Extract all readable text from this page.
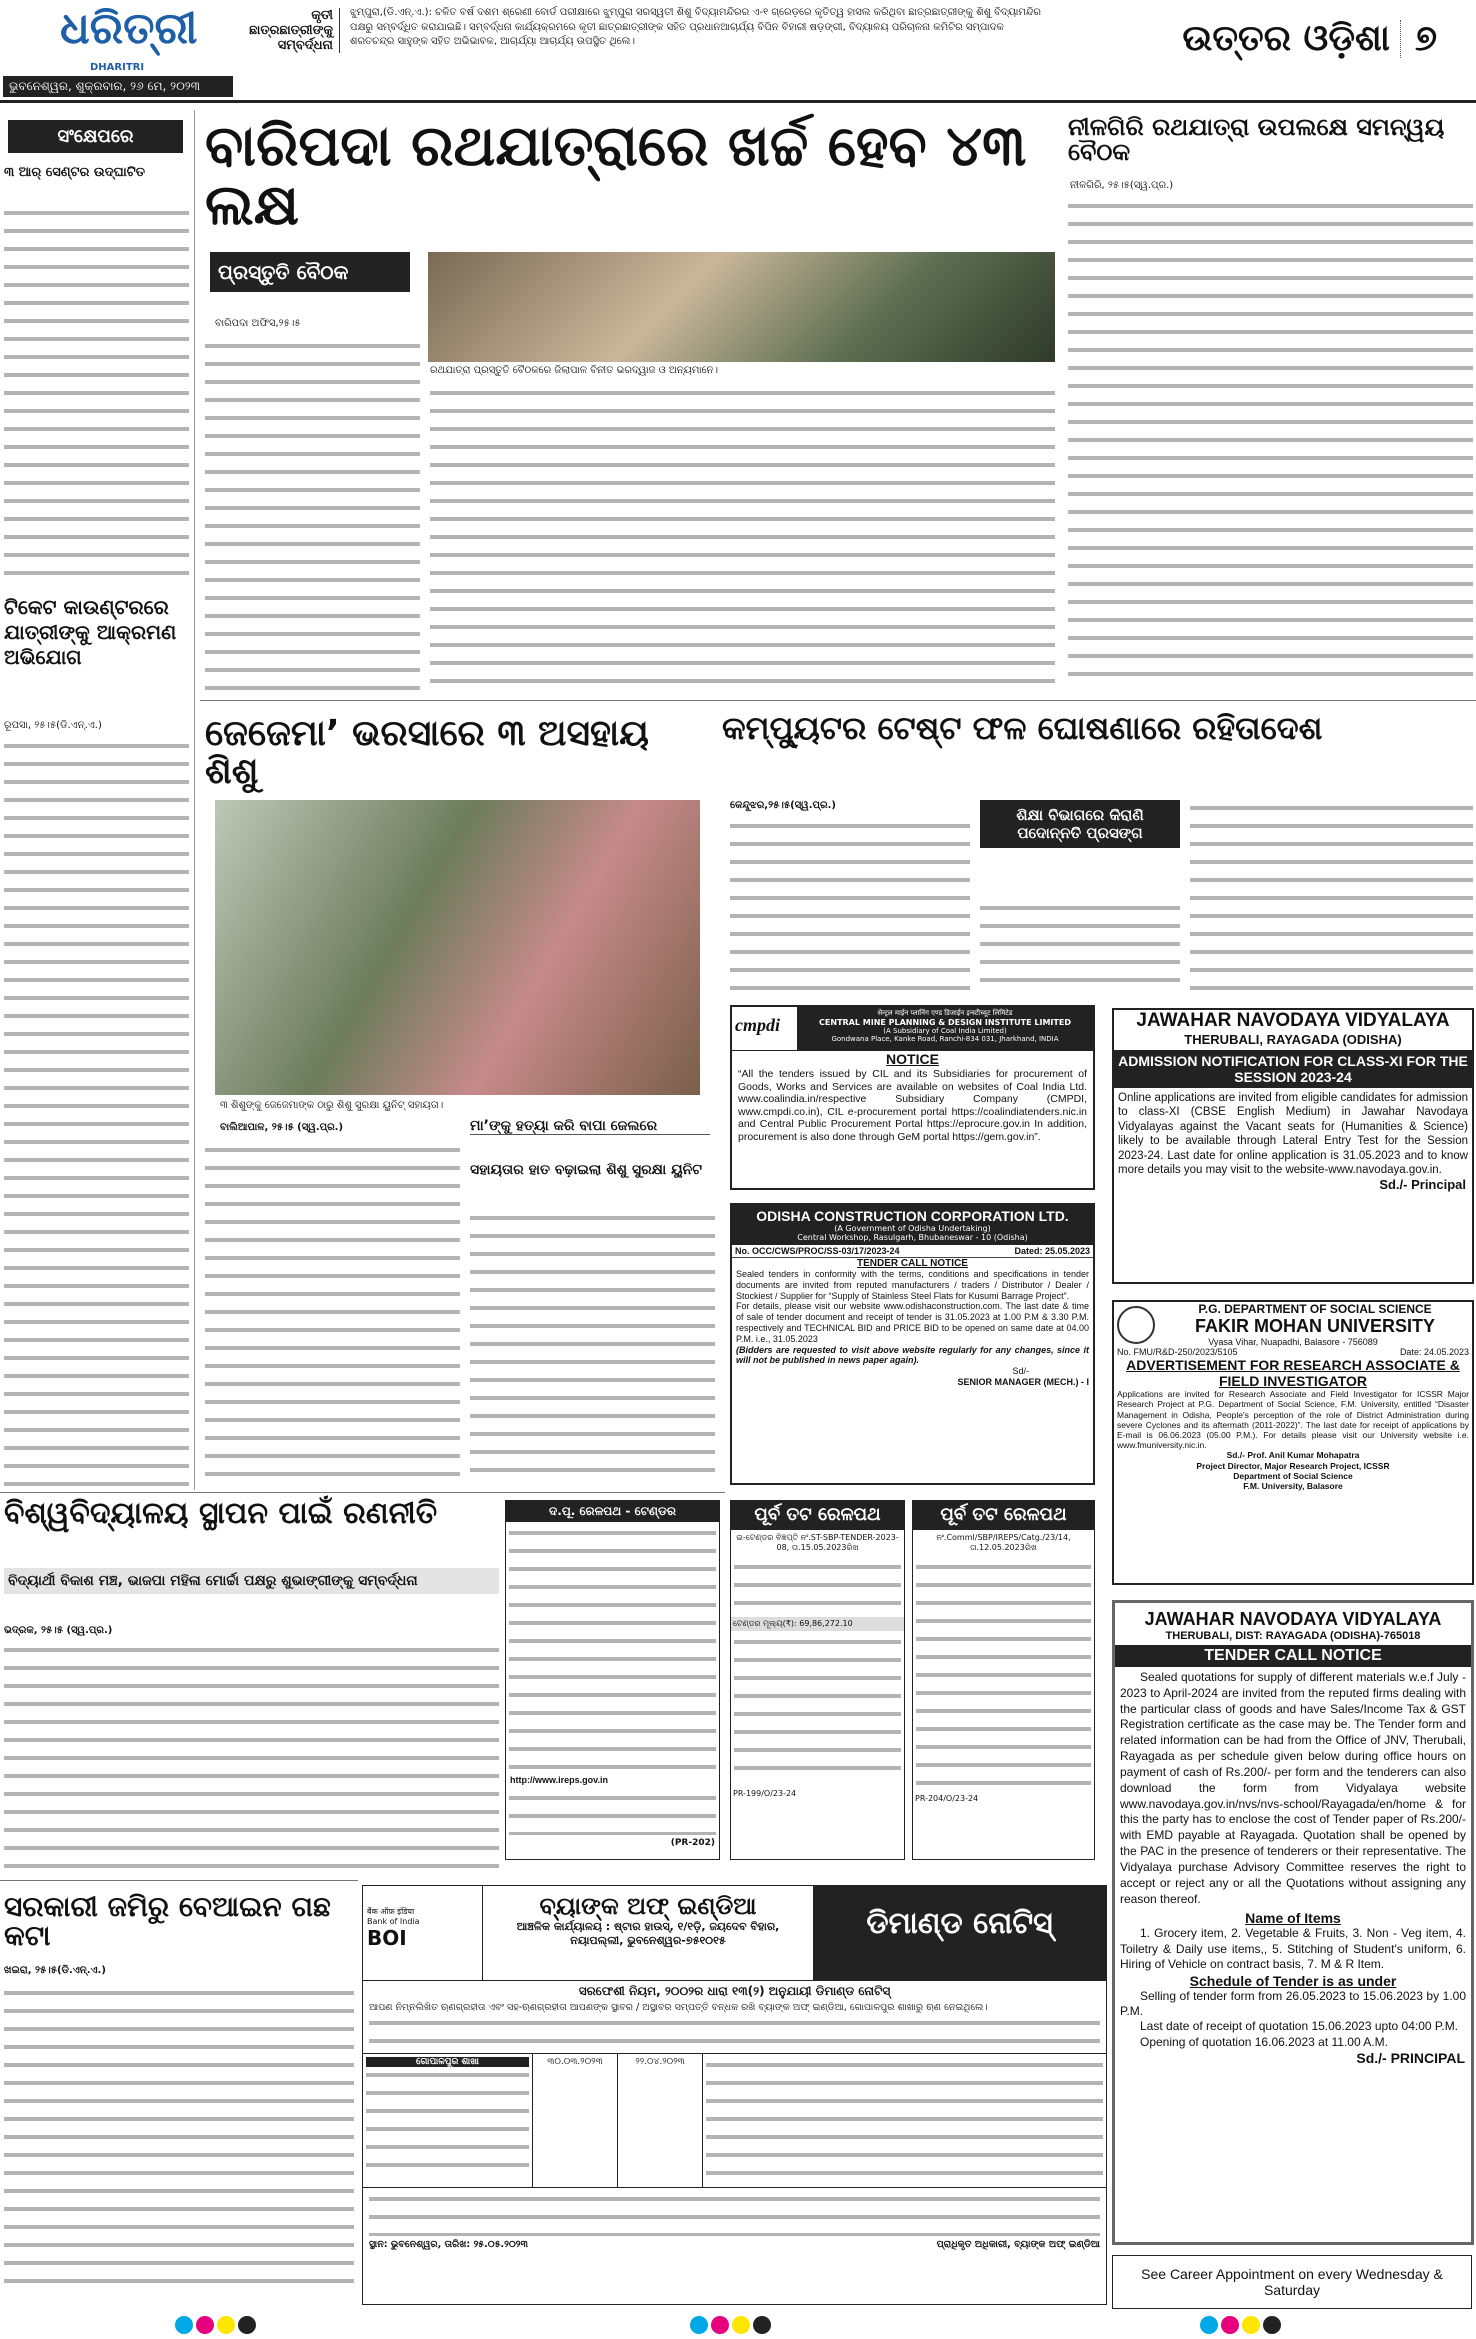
ଧରିତ୍ରୀ
DHARITRI
ଭୁବନେଶ୍ୱର, ଶୁକ୍ରବାର, ୨୬ ମେ, ୨୦୨୩
କୃତୀ ଛାତ୍ରଛାତ୍ରୀଙ୍କୁ ସମ୍ବର୍ଦ୍ଧନା
ଝୁମ୍ପୁରା,(ଡି.ଏନ୍.ଏ.): ଚଳିତ ବର୍ଷ ଦଶମ ଶ୍ରେଣୀ ବୋର୍ଡ ପରୀକ୍ଷାରେ ଝୁମ୍ପୁରା ସରସ୍ୱତୀ ଶିଶୁ ବିଦ୍ୟାମନ୍ଦିରର ଏ-୧ ଗ୍ରେଡ଼ରେ କୃତିତ୍ୱ ହାସଲ କରିଥିବା ଛାତ୍ରଛାତ୍ରୀଙ୍କୁ ଶିଶୁ ବିଦ୍ୟାମନ୍ଦିର ପକ୍ଷରୁ ସମ୍ବର୍ଦ୍ଧିତ କରାଯାଇଛି। ସମ୍ବର୍ଦ୍ଧନା କାର୍ଯ୍ୟକ୍ରମରେ କୃତୀ ଛାତ୍ରଛାତ୍ରୀଙ୍କ ସହିତ ପ୍ରଧାନଆଚାର୍ଯ୍ୟ ବିପିନ ବିହାରୀ ଷଡ଼ଙ୍ଗୀ, ବିଦ୍ୟାଳୟ ପରିଚାଳନା କମିଟିର ସମ୍ପାଦକ ଶରତଚନ୍ଦ୍ର ସାହୁଙ୍କ ସହିତ ଅଭିଭାବକ, ଆଚାର୍ଯ୍ୟା ଆଚାର୍ଯ୍ୟ ଉପସ୍ଥିତ ଥିଲେ।	ଉତ୍ତର ଓଡ଼ିଶା ୭
ସଂକ୍ଷେପରେ
୩ ଆର୍ ସେଣ୍ଟର ଉଦ୍‌ଘାଟିତ
ଟିକେଟ କାଉଣ୍ଟରରେ ଯାତ୍ରୀଙ୍କୁ ଆକ୍ରମଣ ଅଭିଯୋଗ
ରୂପସା, ୨୫।୫(ଡି.ଏନ୍.ଏ.)
ବାରିପଦା ରଥଯାତ୍ରାରେ ଖର୍ଚ୍ଚ ହେବ ୪୩ ଲକ୍ଷ
ପ୍ରସ୍ତୁତି ବୈଠକ
ବାରିପଦା ଅଫିସ,୨୫।୫
ରଥଯାତ୍ରା ପ୍ରସ୍ତୁତି ବୈଠକରେ ଜିଲାପାଳ ବିନୀତ ଭରଦ୍ୱାଜ ଓ ଅନ୍ୟମାନେ।
ନୀଳଗିରି ରଥଯାତ୍ରା ଉପଲକ୍ଷେ ସମନ୍ୱୟ ବୈଠକ
ନୀଳଗିରି, ୨୫।୫(ସ୍ୱ.ପ୍ର.)
ଜେଜେମା’ ଭରସାରେ ୩ ଅସହାୟ ଶିଶୁ
୩ ଶିଶୁଙ୍କୁ ଜେଜେମାଙ୍କ ଠାରୁ ଶିଶୁ ସୁରକ୍ଷା ୟୁନିଟ୍ ସହାୟତା।
ବାଲିଆପାଳ, ୨୫।୫ (ସ୍ୱ.ପ୍ର.)	ମା’ଙ୍କୁ ହତ୍ୟା କରି ବାପା ଜେଲରେ
ସହାୟତାର ହାତ ବଢ଼ାଇଲା ଶିଶୁ ସୁରକ୍ଷା ୟୁନିଟ
କମ୍ପ୍ୟୁଟର ଟେଷ୍ଟ ଫଳ ଘୋଷଣାରେ ରହିତାଦେଶ
କେନ୍ଦୁଝର,୨୫।୫(ସ୍ୱ.ପ୍ର.)
ଶିକ୍ଷା ବିଭାଗରେ କିରାଣି ପଦୋନ୍ନତି ପ୍ରସଙ୍ଗ
cmpdi
सेन्ट्रल माईन प्लानिंग एण्ड डिजाईन इन्स्टीच्यूट लिमिटेड
CENTRAL MINE PLANNING & DESIGN INSTITUTE LIMITED
(A Subsidiary of Coal India Limited)
Gondwana Place, Kanke Road, Ranchi-834 031, Jharkhand, INDIA
NOTICE
“All the tenders issued by CIL and its Subsidiaries for procurement of Goods, Works and Services are available on websites of Coal India Ltd. www.coalindia.in/respective Subsidiary Company (CMPDI, www.cmpdi.co.in), CIL e-procurement portal https://coalindiatenders.nic.in and Central Public Procurement Portal https://eprocure.gov.in In addition, procurement is also done through GeM portal https://gem.gov.in”.
ODISHA CONSTRUCTION CORPORATION LTD.
(A Government of Odisha Undertaking)
Central Workshop, Rasulgarh, Bhubaneswar - 10 (Odisha)
No. OCC/CWS/PROC/SS-03/17/2023-24	Dated: 25.05.2023
TENDER CALL NOTICE
Sealed tenders in conformity with the terms, conditions and specifications in tender documents are invited from reputed manufacturers / traders / Distributor / Dealer / Stockiest / Supplier for “Supply of Stainless Steel Flats for Kusumi Barrage Project”.
For details, please visit our website www.odishaconstruction.com. The last date & time of sale of tender document and receipt of tender is 31.05.2023 at 1.00 P.M & 3.30 P.M. respectively and TECHNICAL BID and PRICE BID to be opened on same date at 04.00 P.M. i.e., 31.05.2023
(Bidders are requested to visit above website regularly for any changes, since it will not be published in news paper again).
Sd/-
SENIOR MANAGER (MECH.) - I
JAWAHAR NAVODAYA VIDYALAYA
THERUBALI, RAYAGADA (ODISHA)
ADMISSION NOTIFICATION FOR CLASS-XI FOR THE SESSION 2023-24
Online applications are invited from eligible candidates for admission to class-XI (CBSE English Medium) in Jawahar Navodaya Vidyalayas against the Vacant seats for (Humanities & Science) likely to be available through Lateral Entry Test for the Session 2023-24. Last date for online application is 31.05.2023 and to know more details you may visit to the website-www.navodaya.gov.in.
Sd./- Principal
P.G. DEPARTMENT OF SOCIAL SCIENCE
FAKIR MOHAN UNIVERSITY
Vyasa Vihar, Nuapadhi, Balasore - 756089
No. FMU/R&D-250/2023/5105	Date: 24.05.2023
ADVERTISEMENT FOR RESEARCH ASSOCIATE & FIELD INVESTIGATOR
Applications are invited for Research Associate and Field Investigator for ICSSR Major Research Project at P.G. Department of Social Science, F.M. University, entitled “Disaster Management in Odisha, People's perception of the role of District Administration during severe Cyclones and its aftermath (2011-2022)”. The last date for receipt of applications by E-mail is 06.06.2023 (05.00 P.M.). For details please visit our University website i.e. www.fmuniversity.nic.in.
Sd./- Prof. Anil Kumar Mohapatra
Project Director, Major Research Project, ICSSR
Department of Social Science
F.M. University, Balasore
JAWAHAR NAVODAYA VIDYALAYA
THERUBALI, DIST: RAYAGADA (ODISHA)-765018
TENDER CALL NOTICE
Sealed quotations for supply of different materials w.e.f July - 2023 to April-2024 are invited from the reputed firms dealing with the particular class of goods and have Sales/Income Tax & GST Registration certificate as the case may be. The Tender form and related information can be had from the Office of JNV, Therubali, Rayagada as per schedule given below during office hours on payment of cash of Rs.200/- per form and the tenderers can also download the form from Vidyalaya website www.navodaya.gov.in/nvs/nvs-school/Rayagada/en/home & for this the party has to enclose the cost of Tender paper of Rs.200/- with EMD payable at Rayagada. Quotation shall be opened by the PAC in the presence of tenderers or their representative. The Vidyalaya purchase Advisory Committee reserves the right to accept or reject any or all the Quotations without assigning any reason thereof.
Name of Items
1. Grocery item, 2. Vegetable & Fruits, 3. Non - Veg item, 4. Toiletry & Daily use items,, 5. Stitching of Student's uniform, 6. Hiring of Vehicle on contract basis, 7. M & R Item.
Schedule of Tender is as under
Selling of tender form from 26.05.2023 to 15.06.2023 by 1.00 P.M.
Last date of receipt of quotation 15.06.2023 upto 04:00 P.M.
Opening of quotation 16.06.2023 at 11.00 A.M.
Sd./- PRINCIPAL
See Career Appointment on every Wednesday & Saturday
ବିଶ୍ୱବିଦ୍ୟାଳୟ ସ୍ଥାପନ ପାଇଁ ରଣନୀତି
ବିଦ୍ୟାର୍ଥୀ ବିକାଶ ମଞ୍ଚ, ଭାଜପା ମହିଳା ମୋର୍ଚ୍ଚା ପକ୍ଷରୁ ଶୁଭାଙ୍ଗୀଙ୍କୁ ସମ୍ବର୍ଦ୍ଧନା
ଭଦ୍ରକ, ୨୫।୫ (ସ୍ୱ.ପ୍ର.)
ଦ.ପୂ. ରେଳପଥ - ଟେଣ୍ଡର
http://www.ireps.gov.in
(PR-202)
ପୂର୍ବ ତଟ ରେଳପଥ
ଇ-ଟେଣ୍ଡର ବିଜ୍ଞପ୍ତି ନଂ.ST-SBP-TENDER-2023-08, ତା.15.05.2023ରିଖ
ଟେଣ୍ଡର ମୂଲ୍ୟ(₹): 69,86,272.10
PR-199/O/23-24
ପୂର୍ବ ତଟ ରେଳପଥ
ନଂ.Comml/SBP/IREPS/Catg./23/14, ତା.12.05.2023ରିଖ
PR-204/O/23-24
ସରକାରୀ ଜମିରୁ ବେଆଇନ ଗଛ କଟା
ଖଇରା, ୨୫।୫(ଡି.ଏନ୍.ଏ.)
बैंक ऑफ़ इंडिया
Bank of India
BOI
ବ୍ୟାଙ୍କ ଅଫ୍ ଇଣ୍ଡିଆ
ଆଞ୍ଚଳିକ କାର୍ଯ୍ୟାଳୟ : ଷ୍ଟାର ହାଉସ୍, ୧/୧ଡ଼ି, ଜୟଦେବ ବିହାର, ନୟାପଲ୍ଲୀ, ଭୁବନେଶ୍ୱର-୭୫୧୦୧୫	ଡିମାଣ୍ଡ ନୋଟିସ୍
ସରଫେଶୀ ନିୟମ, ୨୦୦୨ର ଧାରା ୧୩(୨) ଅନୁଯାୟୀ ଡିମାଣ୍ଡ ନୋଟିସ୍
ଆପଣ ନିମ୍ନଲିଖିତ ଋଣଗ୍ରହୀତା ଏବଂ ସହ-ଋଣଗ୍ରହୀତା ଆପଣଙ୍କ ସ୍ଥାବର / ଅସ୍ଥାବର ସମ୍ପତ୍ତି ବନ୍ଧକ ରଖି ବ୍ୟାଙ୍କ ଅଫ୍ ଇଣ୍ଡିଆ, ଗୋପାଳପୁର ଶାଖାରୁ ଋଣ ନେଇଥିଲେ।
ଗୋପାଳପୁର ଶାଖା	୩୦.୦୩.୨୦୨୩	୨୨.୦୪.୨୦୨୩
ସ୍ଥାନ: ଭୁବନେଶ୍ୱର, ତାରିଖ: ୨୫.୦୫.୨୦୨୩	ପ୍ରାଧିକୃତ ଅଧିକାରୀ, ବ୍ୟାଙ୍କ ଅଫ୍ ଇଣ୍ଡିଆ
